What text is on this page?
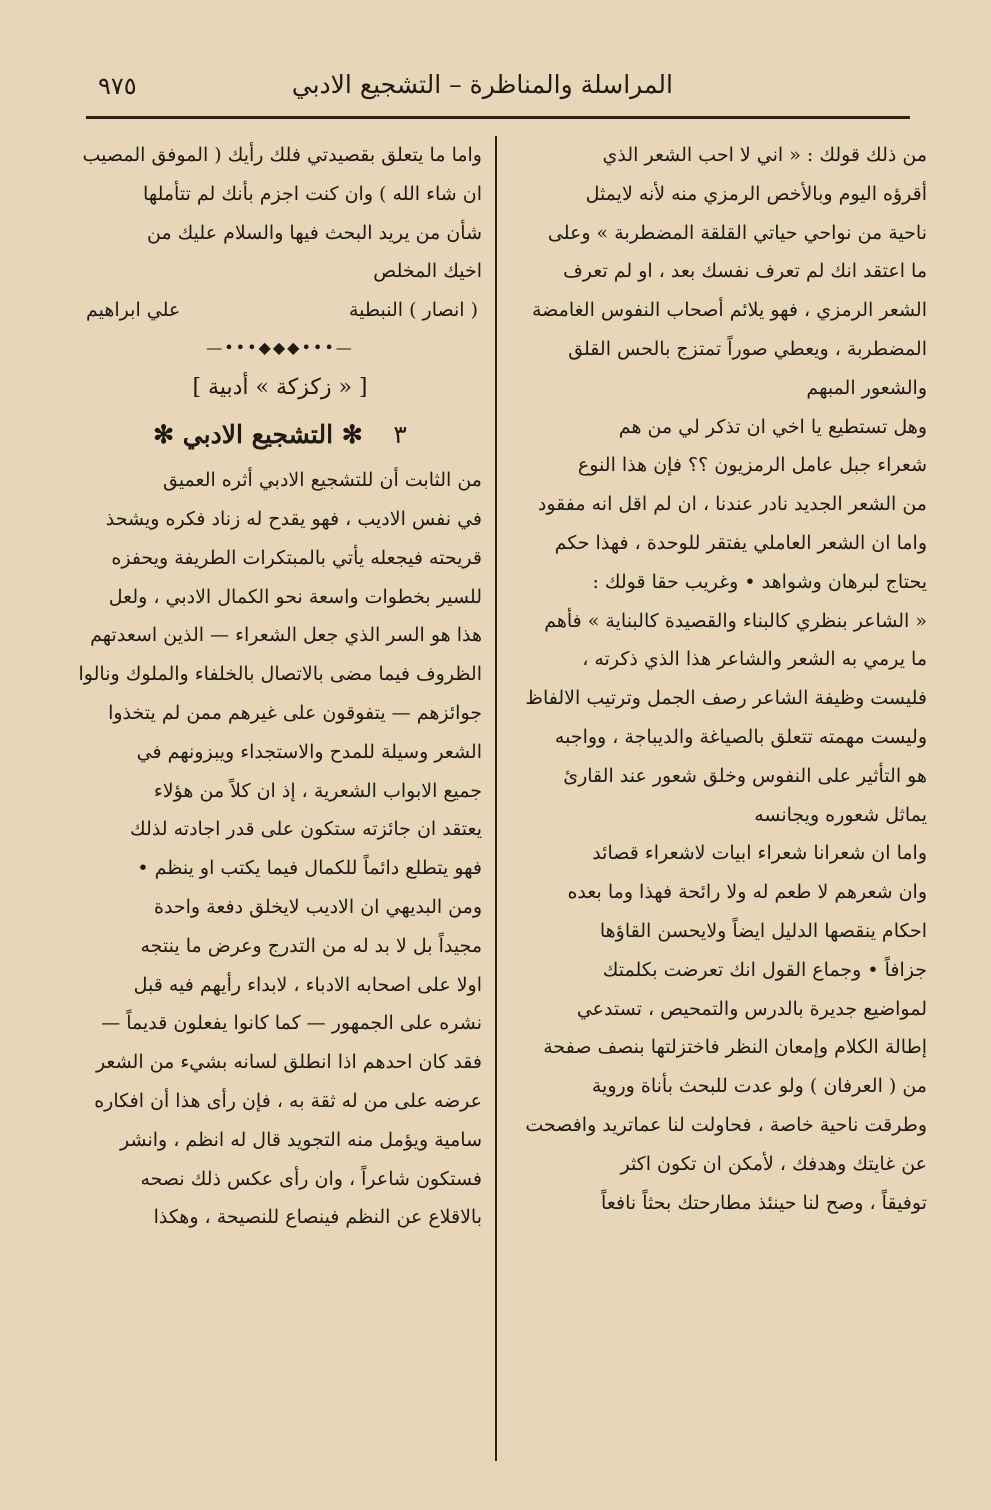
المراسلة والمناظرة – التشجيع الادبي
٩٧٥
من ذلك قولك : « اني لا احب الشعر الذي
أقرؤه اليوم وبالأخص الرمزي منه لأنه لايمثل
ناحية من نواحي حياتي القلقة المضطربة » وعلى
ما اعتقد انك لم تعرف نفسك بعد ، او لم تعرف
الشعر الرمزي ، فهو يلائم أصحاب النفوس الغامضة
المضطربة ، ويعطي صوراً تمتزج بالحس القلق
والشعور المبهم
وهل تستطيع يا اخي ان تذكر لي من هم
شعراء جبل عامل الرمزيون ؟؟ فإن هذا النوع
من الشعر الجديد نادر عندنا ، ان لم اقل انه مفقود
واما ان الشعر العاملي يفتقر للوحدة ، فهذا حكم
يحتاج لبرهان وشواهد • وغريب حقا قولك :
« الشاعر بنظري كالبناء والقصيدة كالبناية » فأهم
ما يرمي به الشعر والشاعر هذا الذي ذكرته ،
فليست وظيفة الشاعر رصف الجمل وترتيب الالفاظ
وليست مهمته تتعلق بالصياغة والديباجة ، وواجبه
هو التأثير على النفوس وخلق شعور عند القارئ
يماثل شعوره ويجانسه
واما ان شعرانا شعراء ابيات لاشعراء قصائد
وان شعرهم لا طعم له ولا رائحة فهذا وما بعده
احكام ينقصها الدليل ايضاً ولايحسن القاؤها
جزافاً • وجماع القول انك تعرضت بكلمتك
لمواضيع جديرة بالدرس والتمحيص ، تستدعي
إطالة الكلام وإمعان النظر فاختزلتها بنصف صفحة
من ( العرفان ) ولو عدت للبحث بأناة وروية
وطرقت ناحية خاصة ، فحاولت لنا عماتريد وافصحت
عن غايتك وهدفك ، لأمكن ان تكون اكثر
توفيقاً ، وصح لنا حينئذ مطارحتك بحثاً نافعاً
واما ما يتعلق بقصيدتي فلك رأيك ( الموفق المصيب
ان شاء الله ) وان كنت اجزم بأنك لم تتأملها
شأن من يريد البحث فيها والسلام عليك من
اخيك المخلص
( انصار ) النبطية
علي ابراهيم
—•••◆◆◆•••—
[ « زكزكة » أدبية ]
٣ ✻ التشجيع الادبي ✻
من الثابت أن للتشجيع الادبي أثره العميق
في نفس الاديب ، فهو يقدح له زناد فكره ويشحذ
قريحته فيجعله يأتي بالمبتكرات الطريفة ويحفزه
للسير بخطوات واسعة نحو الكمال الادبي ، ولعل
هذا هو السر الذي جعل الشعراء — الذين اسعدتهم
الظروف فيما مضى بالاتصال بالخلفاء والملوك ونالوا
جوائزهم — يتفوقون على غيرهم ممن لم يتخذوا
الشعر وسيلة للمدح والاستجداء ويبزونهم في
جميع الابواب الشعرية ، إذ ان كلاً من هؤلاء
يعتقد ان جائزته ستكون على قدر اجادته لذلك
فهو يتطلع دائماً للكمال فيما يكتب او ينظم •
ومن البديهي ان الاديب لايخلق دفعة واحدة
مجيداً بل لا بد له من التدرج وعرض ما ينتجه
اولا على اصحابه الادباء ، لابداء رأيهم فيه قبل
نشره على الجمهور — كما كانوا يفعلون قديماً —
فقد كان احدهم اذا انطلق لسانه بشيء من الشعر
عرضه على من له ثقة به ، فإن رأى هذا أن افكاره
سامية ويؤمل منه التجويد قال له انظم ، وانشر
فستكون شاعراً ، وان رأى عكس ذلك نصحه
بالاقلاع عن النظم فينصاع للنصيحة ، وهكذا
